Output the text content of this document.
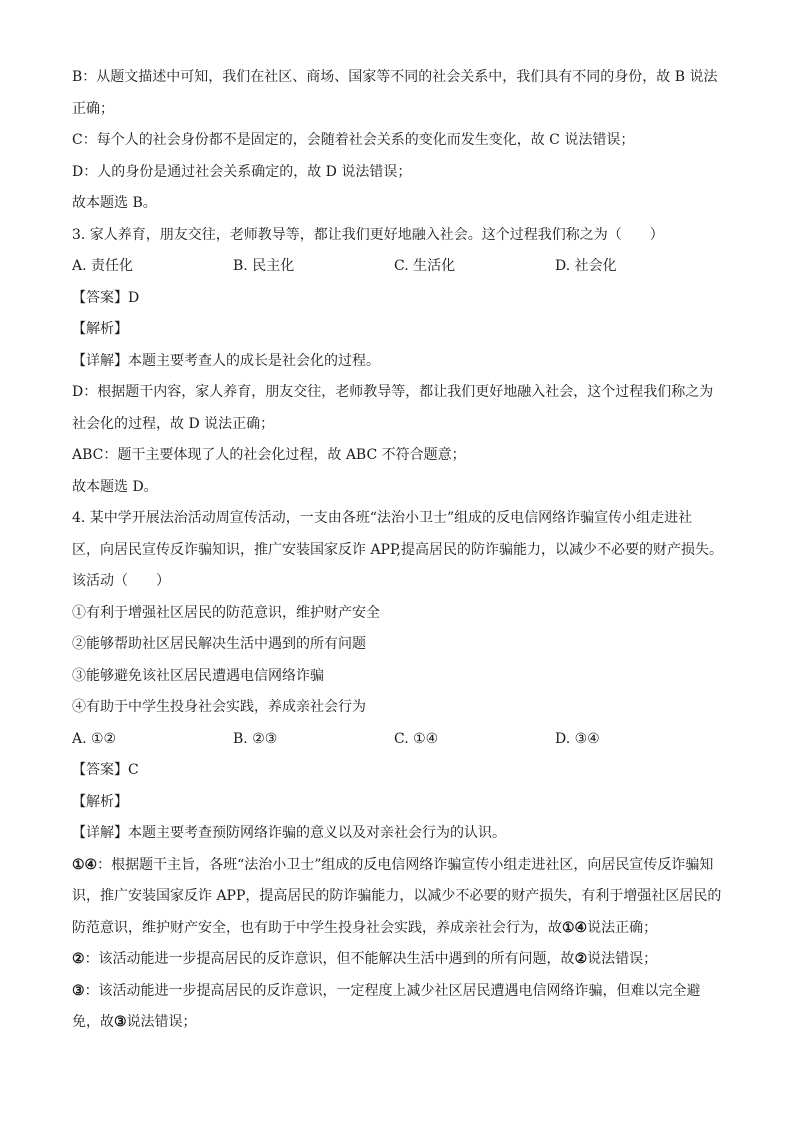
B：从题文描述中可知，我们在社区、商场、国家等不同的社会关系中，我们具有不同的身份，故 B 说法
正确；
C：每个人的社会身份都不是固定的，会随着社会关系的变化而发生变化，故 C 说法错误；
D：人的身份是通过社会关系确定的，故 D 说法错误；
故本题选 B。
3. 家人养育，朋友交往，老师教导等，都让我们更好地融入社会。这个过程我们称之为（　　）
A. 责任化	B. 民主化	C. 生活化	D. 社会化
【答案】D
【解析】
【详解】本题主要考查人的成长是社会化的过程。
D：根据题干内容，家人养育，朋友交往，老师教导等，都让我们更好地融入社会，这个过程我们称之为
社会化的过程，故 D 说法正确；
ABC：题干主要体现了人的社会化过程，故 ABC 不符合题意；
故本题选 D。
4. 某中学开展法治活动周宣传活动，一支由各班“法治小卫士”组成的反电信网络诈骗宣传小组走进社
区，向居民宣传反诈骗知识，推广安装国家反诈 APP,提高居民的防诈骗能力，以减少不必要的财产损失。
该活动（　　）
①有利于增强社区居民的防范意识，维护财产安全
②能够帮助社区居民解决生活中遇到的所有问题
③能够避免该社区居民遭遇电信网络诈骗
④有助于中学生投身社会实践，养成亲社会行为
A. ①②	B. ②③	C. ①④	D. ③④
【答案】C
【解析】
【详解】本题主要考查预防网络诈骗的意义以及对亲社会行为的认识。
①④：根据题干主旨，各班“法治小卫士”组成的反电信网络诈骗宣传小组走进社区，向居民宣传反诈骗知
识，推广安装国家反诈 APP，提高居民的防诈骗能力，以减少不必要的财产损失，有利于增强社区居民的
防范意识，维护财产安全，也有助于中学生投身社会实践，养成亲社会行为，故①④说法正确；
②：该活动能进一步提高居民的反诈意识，但不能解决生活中遇到的所有问题，故②说法错误；
③：该活动能进一步提高居民的反诈意识，一定程度上减少社区居民遭遇电信网络诈骗，但难以完全避
免，故③说法错误；
